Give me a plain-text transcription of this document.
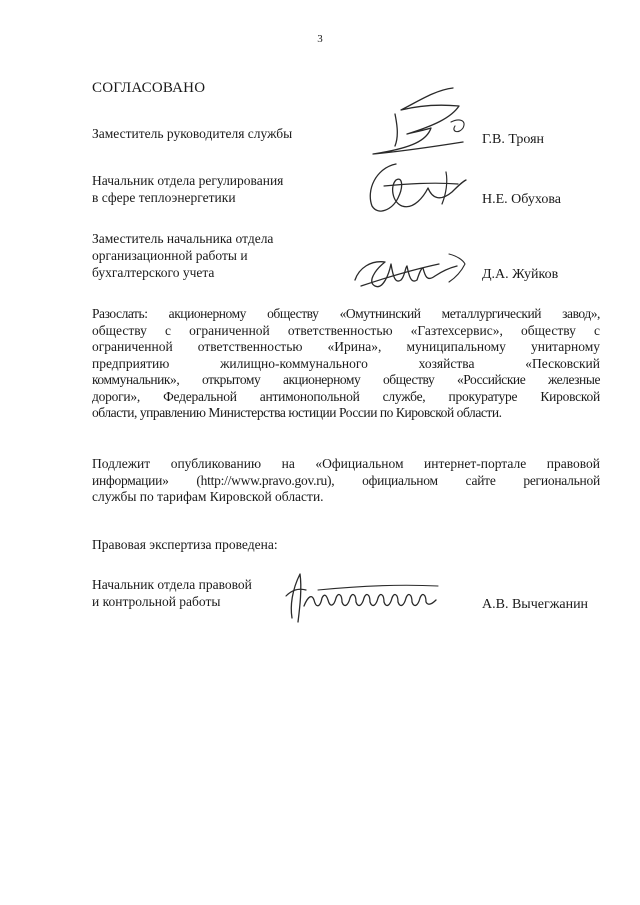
3
СОГЛАСОВАНО
Заместитель руководителя службы	Г.В. Троян
Начальник отдела регулирования
в сфере теплоэнергетики	Н.Е. Обухова
Заместитель начальника отдела
организационной работы и
бухгалтерского учета	Д.А. Жуйков
Разослать: акционерному обществу «Омутнинский металлургический завод»,
обществу с ограниченной ответственностью «Газтехсервис», обществу с
ограниченной ответственностью «Ирина», муниципальному унитарному
предприятию жилищно-коммунального хозяйства «Песковский
коммунальник», открытому акционерному обществу «Российские железные
дороги», Федеральной антимонопольной службе, прокуратуре Кировской
области, управлению Министерства юстиции России по Кировской области.
Подлежит опубликованию на «Официальном интернет-портале правовой
информации» (http://www.pravo.gov.ru), официальном сайте региональной
службы по тарифам Кировской области.
Правовая экспертиза проведена:
Начальник отдела правовой
и контрольной работы	А.В. Вычегжанин
